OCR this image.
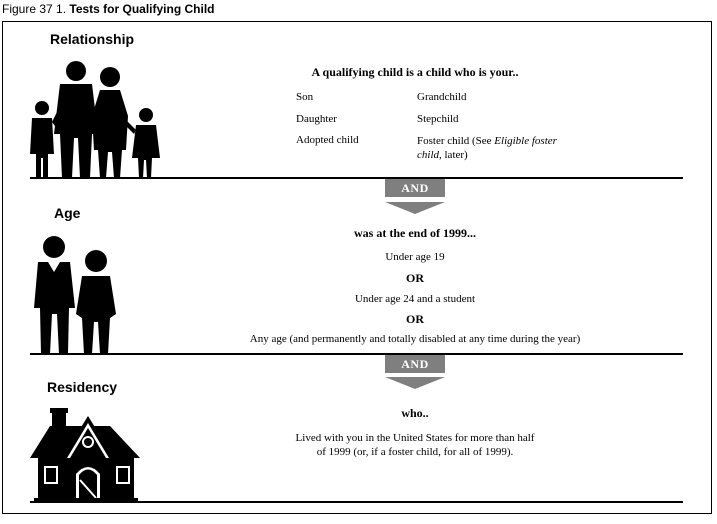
Figure 37 1. Tests for Qualifying Child
Relationship
A qualifying child is a child who is your..
Son
Daughter
Adopted child
Grandchild
Stepchild
Foster child (See Eligible foster
child, later)
AND
Age
was at the end of 1999...
Under age 19
OR
Under age 24 and a student
OR
Any age (and permanently and totally disabled at any time during the year)
AND
Residency
who..
Lived with you in the United States for more than half
of 1999 (or, if a foster child, for all of 1999).
